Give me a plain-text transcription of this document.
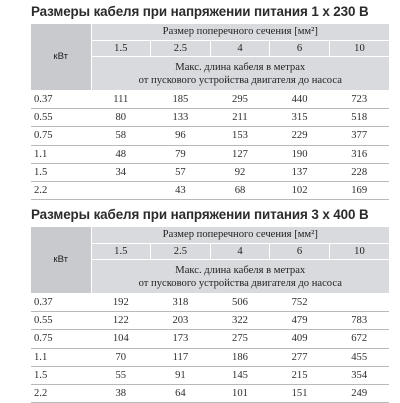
Размеры кабеля при напряжении питания 1 x 230 В
кВт	Размер поперечного сечения [мм²]				
	1.5	2.5	4	6	10
	Макс. длина кабеля в метрах
от пускового устройства двигателя до насоса				
0.37	111	185	295	440	723
0.55	80	133	211	315	518
0.75	58	96	153	229	377
1.1	48	79	127	190	316
1.5	34	57	92	137	228
2.2		43	68	102	169
Размеры кабеля при напряжении питания 3 x 400 В
кВт	Размер поперечного сечения [мм²]				
	1.5	2.5	4	6	10
	Макс. длина кабеля в метрах
от пускового устройства двигателя до насоса				
0.37	192	318	506	752	
0.55	122	203	322	479	783
0.75	104	173	275	409	672
1.1	70	117	186	277	455
1.5	55	91	145	215	354
2.2	38	64	101	151	249
